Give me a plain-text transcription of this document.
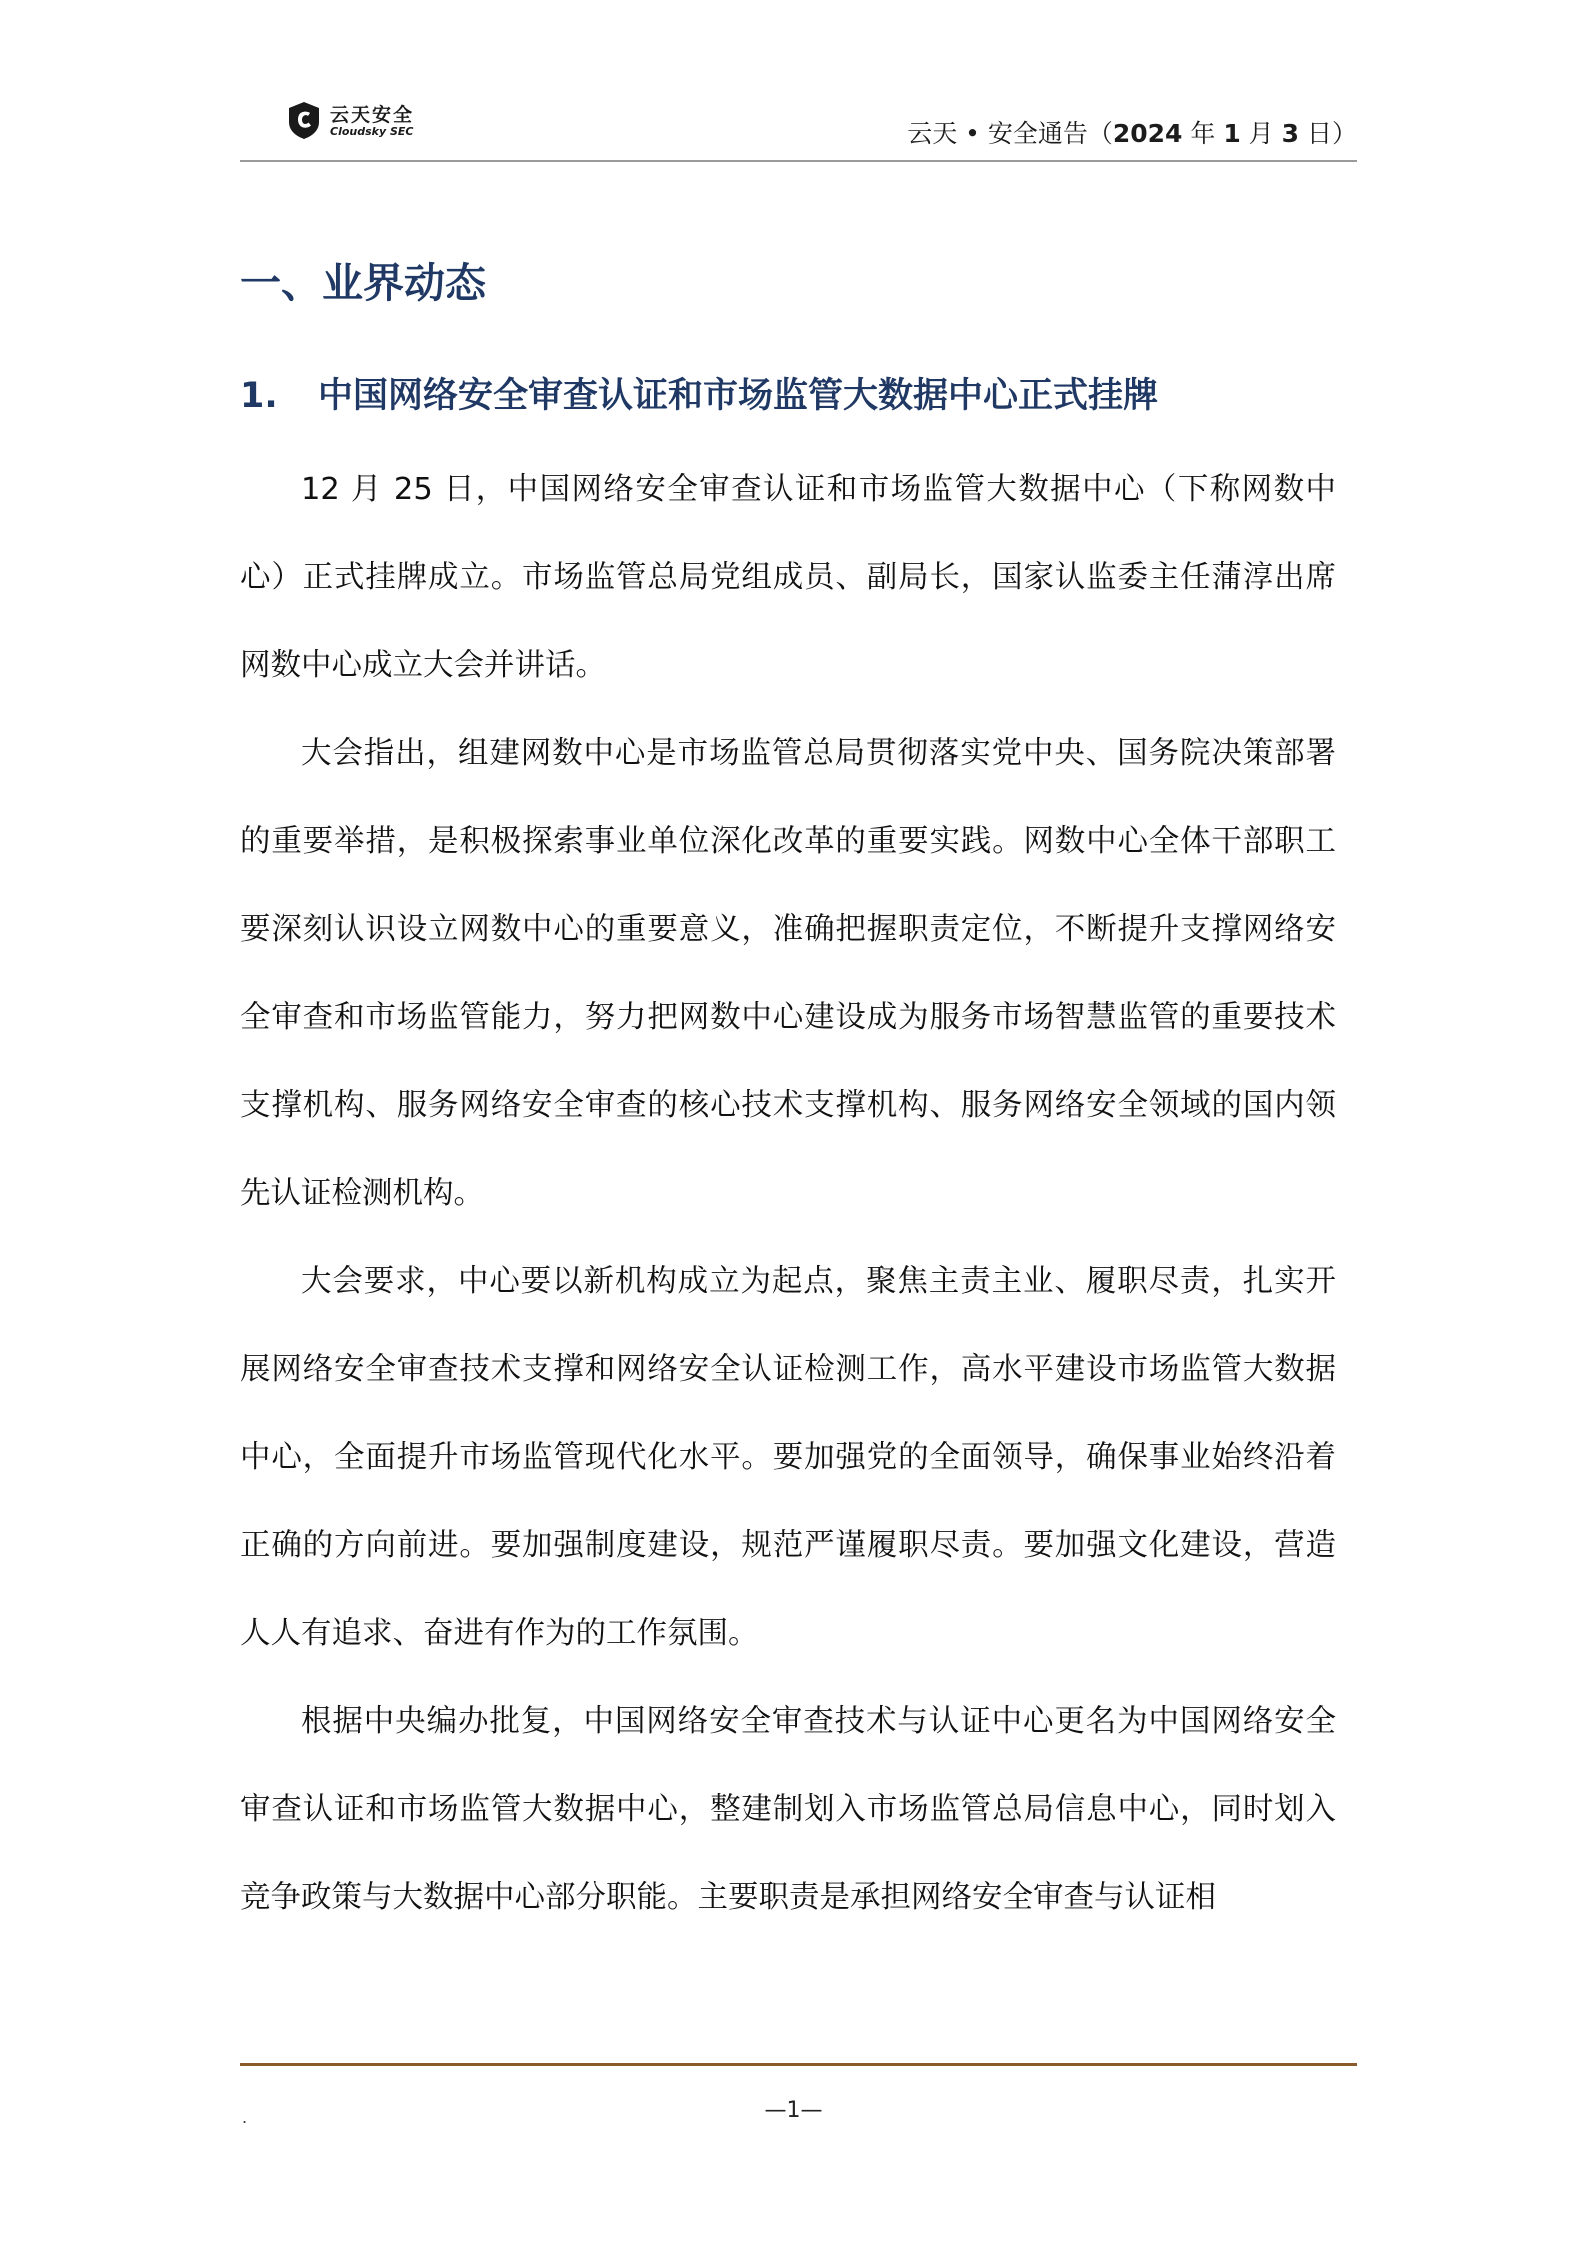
云天安全
Cloudsky SEC	云天 • 安全通告（2024 年 1 月 3 日）
一、业界动态
1. 中国网络安全审查认证和市场监管大数据中心正式挂牌

12 月 25 日，中国网络安全审查认证和市场监管大数据中心（下称网数中心）正式挂牌成立。市场监管总局党组成员、副局长，国家认监委主任蒲淳出席网数中心成立大会并讲话。

大会指出，组建网数中心是市场监管总局贯彻落实党中央、国务院决策部署的重要举措，是积极探索事业单位深化改革的重要实践。网数中心全体干部职工要深刻认识设立网数中心的重要意义，准确把握职责定位，不断提升支撑网络安全审查和市场监管能力，努力把网数中心建设成为服务市场智慧监管的重要技术支撑机构、服务网络安全审查的核心技术支撑机构、服务网络安全领域的国内领先认证检测机构。

大会要求，中心要以新机构成立为起点，聚焦主责主业、履职尽责，扎实开展网络安全审查技术支撑和网络安全认证检测工作，高水平建设市场监管大数据中心，全面提升市场监管现代化水平。要加强党的全面领导，确保事业始终沿着正确的方向前进。要加强制度建设，规范严谨履职尽责。要加强文化建设，营造人人有追求、奋进有作为的工作氛围。

根据中央编办批复，中国网络安全审查技术与认证中心更名为中国网络安全审查认证和市场监管大数据中心，整建制划入市场监管总局信息中心，同时划入竞争政策与大数据中心部分职能。主要职责是承担网络安全审查与认证相

.	—1—
